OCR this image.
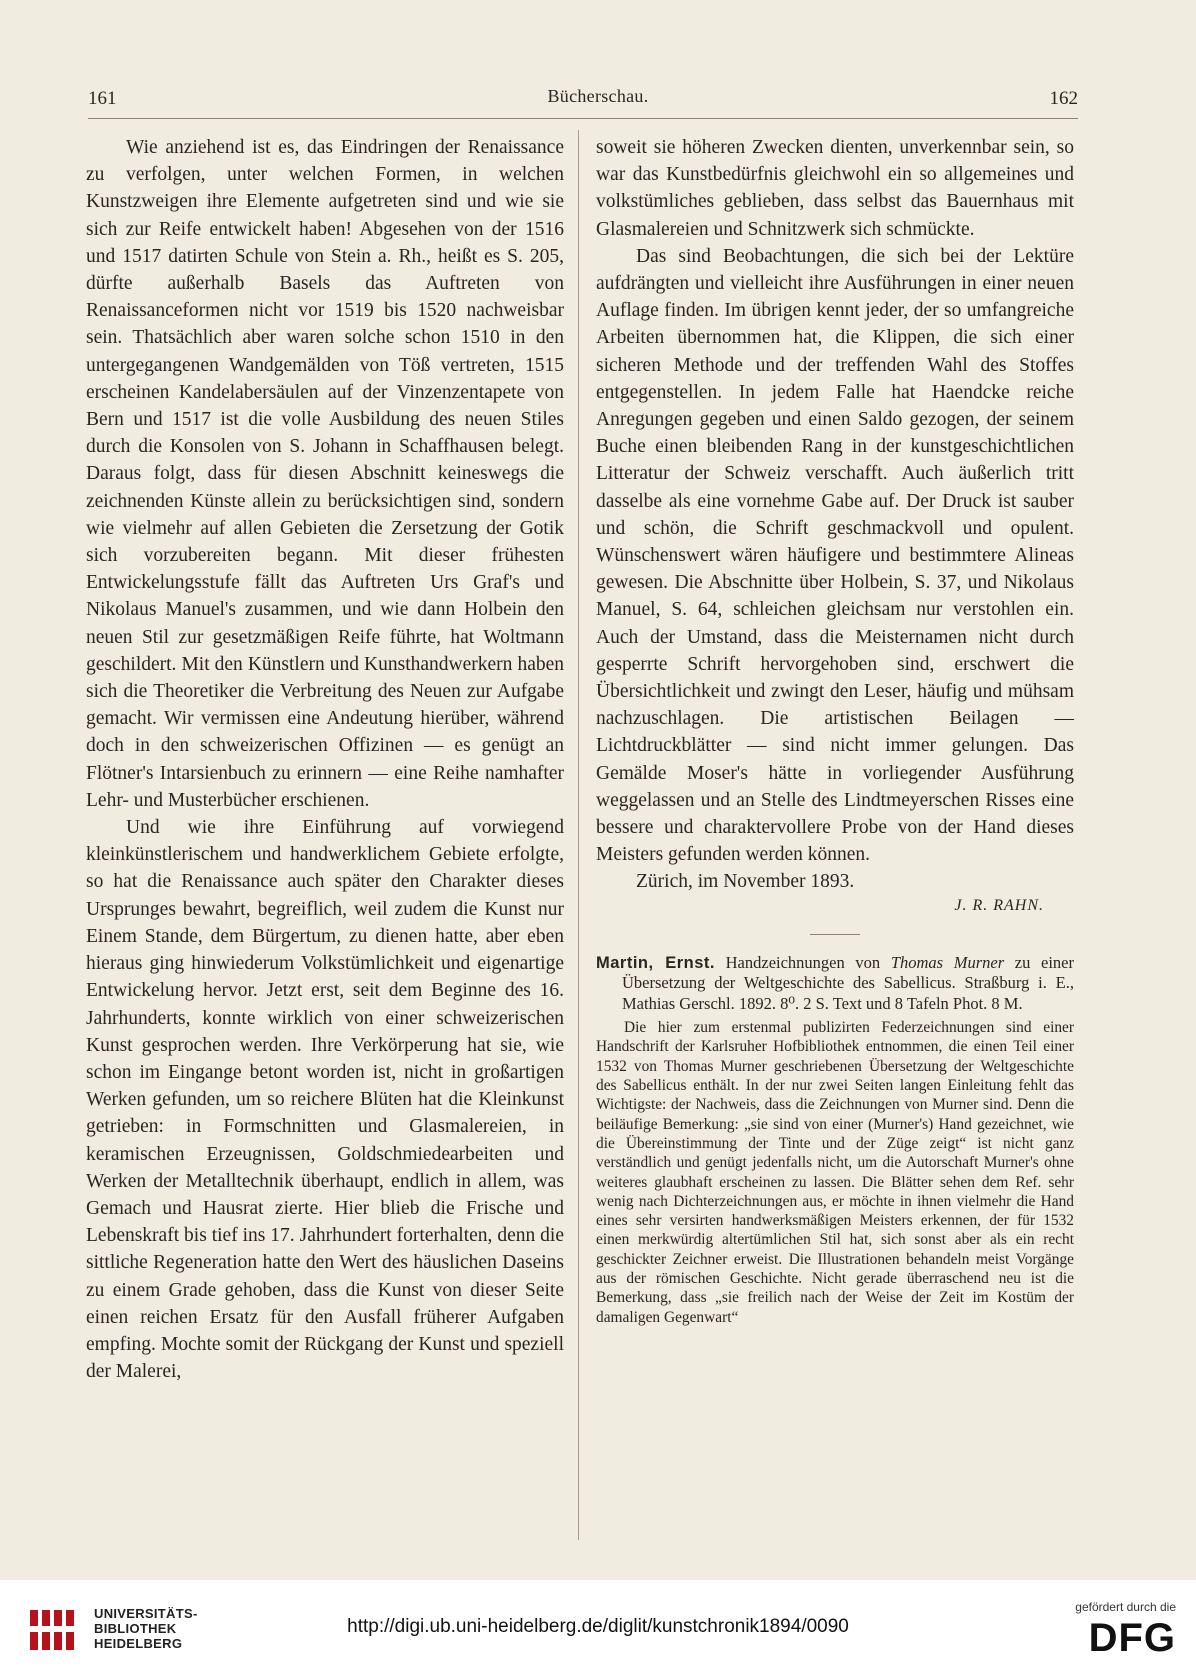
161	Bücherschau.	162

Wie anziehend ist es, das Eindringen der Renaissance zu verfolgen, unter welchen Formen, in welchen Kunstzweigen ihre Elemente aufgetreten sind und wie sie sich zur Reife entwickelt haben! Abgesehen von der 1516 und 1517 datirten Schule von Stein a. Rh., heißt es S. 205, dürfte außerhalb Basels das Auftreten von Renaissanceformen nicht vor 1519 bis 1520 nachweisbar sein. Thatsächlich aber waren solche schon 1510 in den untergegangenen Wandgemälden von Töß vertreten, 1515 erscheinen Kandelabersäulen auf der Vinzenzentapete von Bern und 1517 ist die volle Ausbildung des neuen Stiles durch die Konsolen von S. Johann in Schaffhausen belegt. Daraus folgt, dass für diesen Abschnitt keineswegs die zeichnenden Künste allein zu berücksichtigen sind, sondern wie vielmehr auf allen Gebieten die Zersetzung der Gotik sich vorzubereiten begann. Mit dieser frühesten Entwickelungsstufe fällt das Auftreten Urs Graf's und Nikolaus Manuel's zusammen, und wie dann Holbein den neuen Stil zur gesetzmäßigen Reife führte, hat Woltmann geschildert. Mit den Künstlern und Kunsthandwerkern haben sich die Theoretiker die Verbreitung des Neuen zur Aufgabe gemacht. Wir vermissen eine Andeutung hierüber, während doch in den schweizerischen Offizinen — es genügt an Flötner's Intarsienbuch zu erinnern — eine Reihe namhafter Lehr- und Musterbücher erschienen.

Und wie ihre Einführung auf vorwiegend kleinkünstlerischem und handwerklichem Gebiete erfolgte, so hat die Renaissance auch später den Charakter dieses Ursprunges bewahrt, begreiflich, weil zudem die Kunst nur Einem Stande, dem Bürgertum, zu dienen hatte, aber eben hieraus ging hinwiederum Volkstümlichkeit und eigenartige Entwickelung hervor. Jetzt erst, seit dem Beginne des 16. Jahrhunderts, konnte wirklich von einer schweizerischen Kunst gesprochen werden. Ihre Verkörperung hat sie, wie schon im Eingange betont worden ist, nicht in großartigen Werken gefunden, um so reichere Blüten hat die Kleinkunst getrieben: in Formschnitten und Glasmalereien, in keramischen Erzeugnissen, Goldschmiedearbeiten und Werken der Metalltechnik überhaupt, endlich in allem, was Gemach und Hausrat zierte. Hier blieb die Frische und Lebenskraft bis tief ins 17. Jahrhundert forterhalten, denn die sittliche Regeneration hatte den Wert des häuslichen Daseins zu einem Grade gehoben, dass die Kunst von dieser Seite einen reichen Ersatz für den Ausfall früherer Aufgaben empfing. Mochte somit der Rückgang der Kunst und speziell der Malerei,

soweit sie höheren Zwecken dienten, unverkennbar sein, so war das Kunstbedürfnis gleichwohl ein so allgemeines und volkstümliches geblieben, dass selbst das Bauernhaus mit Glasmalereien und Schnitzwerk sich schmückte.

Das sind Beobachtungen, die sich bei der Lektüre aufdrängten und vielleicht ihre Ausführungen in einer neuen Auflage finden. Im übrigen kennt jeder, der so umfangreiche Arbeiten übernommen hat, die Klippen, die sich einer sicheren Methode und der treffenden Wahl des Stoffes entgegenstellen. In jedem Falle hat Haendcke reiche Anregungen gegeben und einen Saldo gezogen, der seinem Buche einen bleibenden Rang in der kunstgeschichtlichen Litteratur der Schweiz verschafft. Auch äußerlich tritt dasselbe als eine vornehme Gabe auf. Der Druck ist sauber und schön, die Schrift geschmackvoll und opulent. Wünschenswert wären häufigere und bestimmtere Alineas gewesen. Die Abschnitte über Holbein, S. 37, und Nikolaus Manuel, S. 64, schleichen gleichsam nur verstohlen ein. Auch der Umstand, dass die Meisternamen nicht durch gesperrte Schrift hervorgehoben sind, erschwert die Übersichtlichkeit und zwingt den Leser, häufig und mühsam nachzuschlagen. Die artistischen Beilagen — Lichtdruckblätter — sind nicht immer gelungen. Das Gemälde Moser's hätte in vorliegender Ausführung weggelassen und an Stelle des Lindtmeyerschen Risses eine bessere und charaktervollere Probe von der Hand dieses Meisters gefunden werden können.

Zürich, im November 1893.

J. R. RAHN.

Martin, Ernst. Handzeichnungen von Thomas Murner zu einer Übersetzung der Weltgeschichte des Sabellicus. Straßburg i. E., Mathias Gerschl. 1892. 8⁰. 2 S. Text und 8 Tafeln Phot. 8 M.

Die hier zum erstenmal publizirten Federzeichnungen sind einer Handschrift der Karlsruher Hofbibliothek entnommen, die einen Teil einer 1532 von Thomas Murner geschriebenen Übersetzung der Weltgeschichte des Sabellicus enthält. In der nur zwei Seiten langen Einleitung fehlt das Wichtigste: der Nachweis, dass die Zeichnungen von Murner sind. Denn die beiläufige Bemerkung: „sie sind von einer (Murner's) Hand gezeichnet, wie die Übereinstimmung der Tinte und der Züge zeigt“ ist nicht ganz verständlich und genügt jedenfalls nicht, um die Autorschaft Murner's ohne weiteres glaubhaft erscheinen zu lassen. Die Blätter sehen dem Ref. sehr wenig nach Dichterzeichnungen aus, er möchte in ihnen vielmehr die Hand eines sehr versirten handwerksmäßigen Meisters erkennen, der für 1532 einen merkwürdig altertümlichen Stil hat, sich sonst aber als ein recht geschickter Zeichner erweist. Die Illustrationen behandeln meist Vorgänge aus der römischen Geschichte. Nicht gerade überraschend neu ist die Bemerkung, dass „sie freilich nach der Weise der Zeit im Kostüm der damaligen Gegenwart“

UNIVERSITÄTS-
BIBLIOTHEK
HEIDELBERG
http://digi.ub.uni-heidelberg.de/diglit/kunstchronik1894/0090
gefördert durch die
DFG
